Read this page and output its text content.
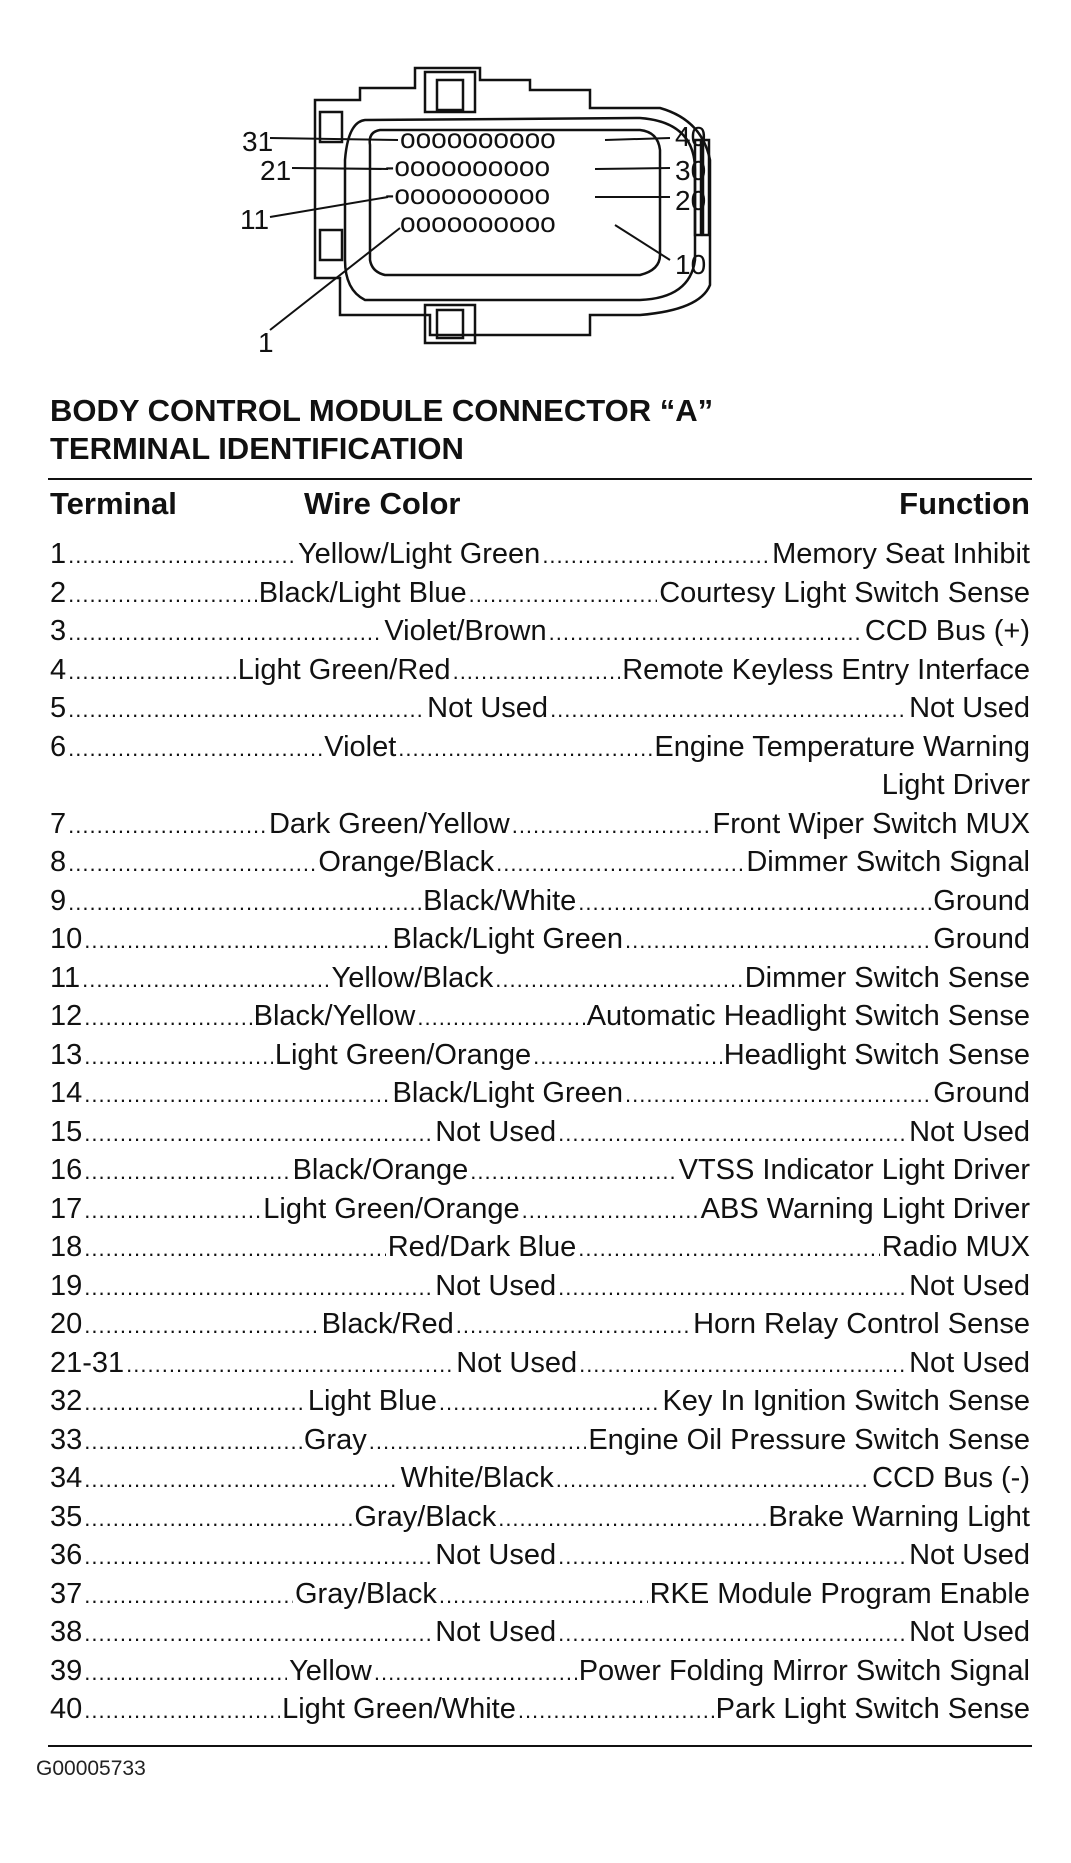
oooooooooo
-oooooooooo
-oooooooooo
oooooooooo
31
21
11
1
40
30
20
10
BODY CONTROL MODULE CONNECTOR “A”
TERMINAL IDENTIFICATION
Terminal	Wire Color	Function
1 .....	Yellow/Light Green .....	Memory Seat Inhibit
2 .....	Black/Light Blue .....	Courtesy Light Switch Sense
3 .....	Violet/Brown .....	CCD Bus (+)
4 .....	Light Green/Red .....	Remote Keyless Entry Interface
5 .....	Not Used .....	Not Used
6 .....	Violet .....	Engine Temperature Warning
Light Driver
7 .....	Dark Green/Yellow .....	Front Wiper Switch MUX
8 .....	Orange/Black .....	Dimmer Switch Signal
9 .....	Black/White .....	Ground
10 .....	Black/Light Green .....	Ground
11 .....	Yellow/Black .....	Dimmer Switch Sense
12 .....	Black/Yellow .....	Automatic Headlight Switch Sense
13 .....	Light Green/Orange .....	Headlight Switch Sense
14 .....	Black/Light Green .....	Ground
15 .....	Not Used .....	Not Used
16 .....	Black/Orange .....	VTSS Indicator Light Driver
17 .....	Light Green/Orange .....	ABS Warning Light Driver
18 .....	Red/Dark Blue .....	Radio MUX
19 .....	Not Used .....	Not Used
20 .....	Black/Red .....	Horn Relay Control Sense
21-31 .....	Not Used .....	Not Used
32 .....	Light Blue .....	Key In Ignition Switch Sense
33 .....	Gray .....	Engine Oil Pressure Switch Sense
34 .....	White/Black .....	CCD Bus (-)
35 .....	Gray/Black .....	Brake Warning Light
36 .....	Not Used .....	Not Used
37 .....	Gray/Black .....	RKE Module Program Enable
38 .....	Not Used .....	Not Used
39 .....	Yellow .....	Power Folding Mirror Switch Signal
40 .....	Light Green/White .....	Park Light Switch Sense
G00005733
